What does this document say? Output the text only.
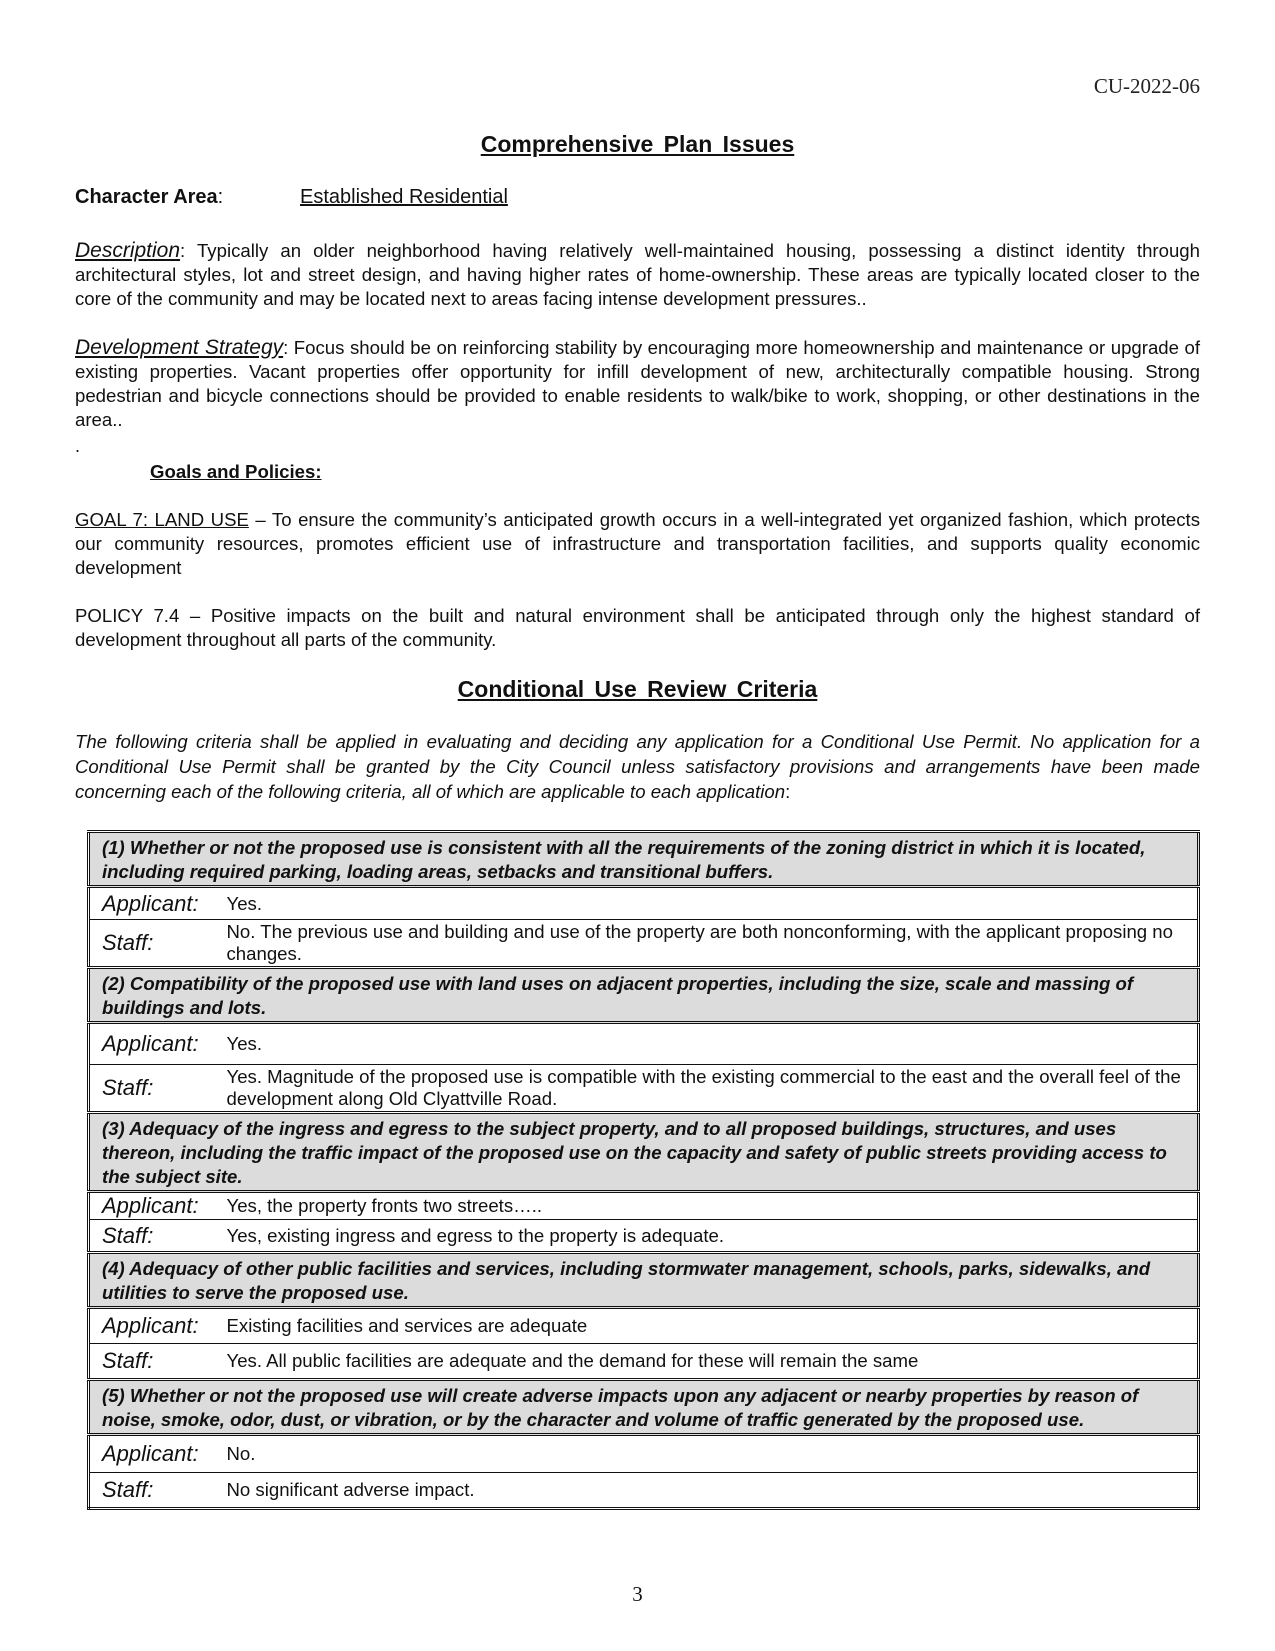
CU-2022-06
Comprehensive Plan Issues
Character Area:	Established Residential
Description: Typically an older neighborhood having relatively well-maintained housing, possessing a distinct identity through architectural styles, lot and street design, and having higher rates of home-ownership. These areas are typically located closer to the core of the community and may be located next to areas facing intense development pressures..
Development Strategy: Focus should be on reinforcing stability by encouraging more homeownership and maintenance or upgrade of existing properties. Vacant properties offer opportunity for infill development of new, architecturally compatible housing. Strong pedestrian and bicycle connections should be provided to enable residents to walk/bike to work, shopping, or other destinations in the area..
.
Goals and Policies:
GOAL 7: LAND USE – To ensure the community’s anticipated growth occurs in a well-integrated yet organized fashion, which protects our community resources, promotes efficient use of infrastructure and transportation facilities, and supports quality economic development
POLICY 7.4 – Positive impacts on the built and natural environment shall be anticipated through only the highest standard of development throughout all parts of the community.
Conditional Use Review Criteria
The following criteria shall be applied in evaluating and deciding any application for a Conditional Use Permit. No application for a Conditional Use Permit shall be granted by the City Council unless satisfactory provisions and arrangements have been made concerning each of the following criteria, all of which are applicable to each application:
(1) Whether or not the proposed use is consistent with all the requirements of the zoning district in which it is located, including required parking, loading areas, setbacks and transitional buffers.	
Applicant:	Yes.
Staff:	No. The previous use and building and use of the property are both nonconforming, with the applicant proposing no changes.
(2) Compatibility of the proposed use with land uses on adjacent properties, including the size, scale and massing of buildings and lots.	
Applicant:	Yes.
Staff:	Yes. Magnitude of the proposed use is compatible with the existing commercial to the east and the overall feel of the development along Old Clyattville Road.
(3) Adequacy of the ingress and egress to the subject property, and to all proposed buildings, structures, and uses thereon, including the traffic impact of the proposed use on the capacity and safety of public streets providing access to the subject site.	
Applicant:	Yes, the property fronts two streets…..
Staff:	Yes, existing ingress and egress to the property is adequate.
(4) Adequacy of other public facilities and services, including stormwater management, schools, parks, sidewalks, and utilities to serve the proposed use.	
Applicant:	Existing facilities and services are adequate
Staff:	Yes. All public facilities are adequate and the demand for these will remain the same
(5) Whether or not the proposed use will create adverse impacts upon any adjacent or nearby properties by reason of noise, smoke, odor, dust, or vibration, or by the character and volume of traffic generated by the proposed use.	
Applicant:	No.
Staff:	No significant adverse impact.
3
